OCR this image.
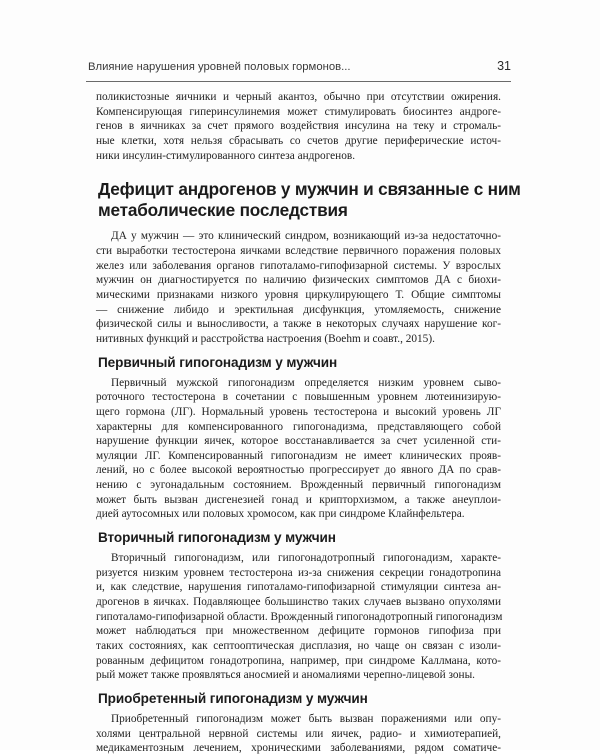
Влияние нарушения уровней половых гормонов...	31
поликистозные яичники и черный акантоз, обычно при отсутствии ожирения.
Компенсирующая гиперинсулинемия может стимулировать биосинтез андроге-
генов в яичниках за счет прямого воздействия инсулина на теку и стромаль-
ные клетки, хотя нельзя сбрасывать со счетов другие периферические источ-
ники инсулин-стимулированного синтеза андрогенов.
Дефицит андрогенов у мужчин и связанные с ним
метаболические последствия
ДА у мужчин — это клинический синдром, возникающий из-за недостаточно-
сти выработки тестостерона яичками вследствие первичного поражения половых
желез или заболевания органов гипоталамо-гипофизарной системы. У взрослых
мужчин он диагностируется по наличию физических симптомов ДА с биохи-
мическими признаками низкого уровня циркулирующего Т. Общие симптомы
— снижение либидо и эректильная дисфункция, утомляемость, снижение
физической силы и выносливости, а также в некоторых случаях нарушение ког-
нитивных функций и расстройства настроения (Boehm и соавт., 2015).
Первичный гипогонадизм у мужчин
Первичный мужской гипогонадизм определяется низким уровнем сыво-
роточного тестостерона в сочетании с повышенным уровнем лютеинизирую-
щего гормона (ЛГ). Нормальный уровень тестостерона и высокий уровень ЛГ
характерны для компенсированного гипогонадизма, представляющего собой
нарушение функции яичек, которое восстанавливается за счет усиленной сти-
муляции ЛГ. Компенсированный гипогонадизм не имеет клинических прояв-
лений, но с более высокой вероятностью прогрессирует до явного ДА по срав-
нению с эугонадальным состоянием. Врожденный первичный гипогонадизм
может быть вызван дисгенезией гонад и крипторхизмом, а также анеуплои-
дией аутосомных или половых хромосом, как при синдроме Клайнфельтера.
Вторичный гипогонадизм у мужчин
Вторичный гипогонадизм, или гипогонадотропный гипогонадизм, характе-
ризуется низким уровнем тестостерона из-за снижения секреции гонадотропина
и, как следствие, нарушения гипоталамо-гипофизарной стимуляции синтеза ан-
дрогенов в яичках. Подавляющее большинство таких случаев вызвано опухолями
гипоталамо-гипофизарной области. Врожденный гипогонадотропный гипогонадизм
может наблюдаться при множественном дефиците гормонов гипофиза при
таких состояниях, как септооптическая дисплазия, но чаще он связан с изоли-
рованным дефицитом гонадотропина, например, при синдроме Каллмана, кото-
рый может также проявляться аносмией и аномалиями черепно-лицевой зоны.
Приобретенный гипогонадизм у мужчин
Приобретенный гипогонадизм может быть вызван поражениями или опу-
холями центральной нервной системы или яичек, радио- и химиотерапией,
медикаментозным лечением, хроническими заболеваниями, рядом соматиче-
